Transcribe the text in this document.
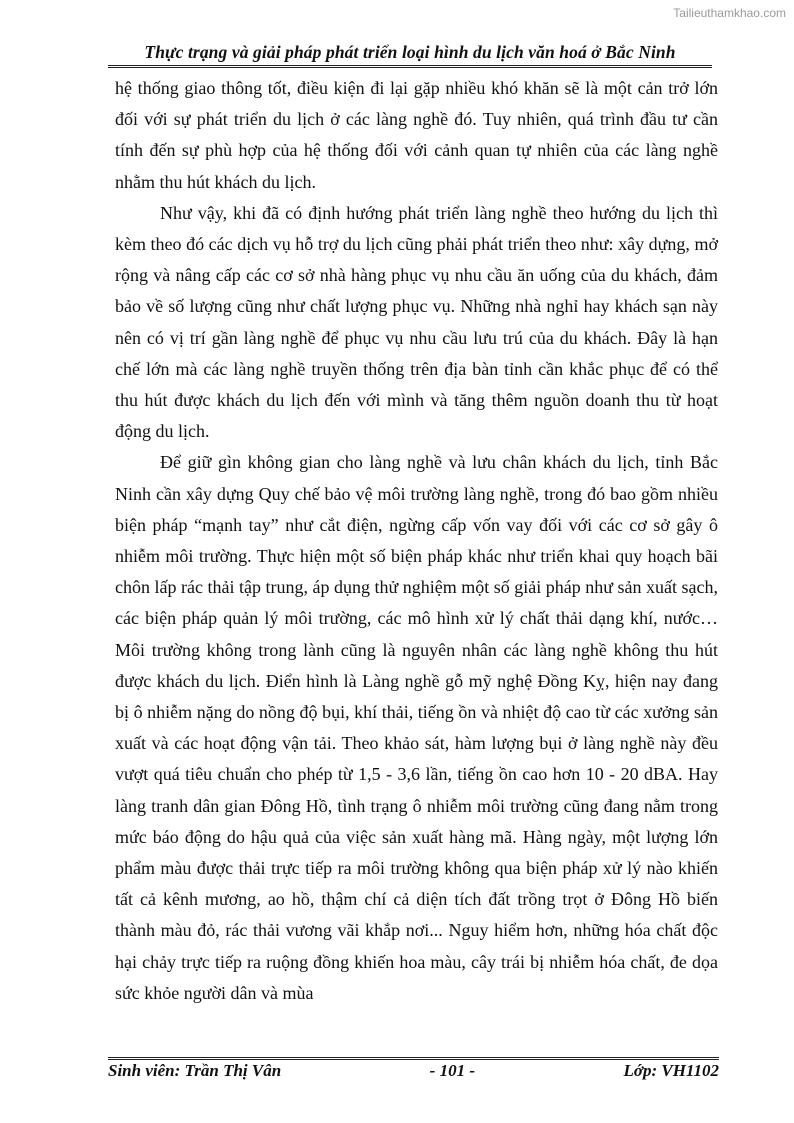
Tailieuthamkhao.com
Thực trạng và giải pháp phát triển loại hình du lịch văn hoá ở Bắc Ninh

hệ thống giao thông tốt, điều kiện đi lại gặp nhiều khó khăn sẽ là một cản trở lớn đối với sự phát triển du lịch ở các làng nghề đó. Tuy nhiên, quá trình đầu tư cần tính đến sự phù hợp của hệ thống đối với cảnh quan tự nhiên của các làng nghề nhằm thu hút khách du lịch.

Như vậy, khi đã có định hướng phát triển làng nghề theo hướng du lịch thì kèm theo đó các dịch vụ hỗ trợ du lịch cũng phải phát triển theo như: xây dựng, mở rộng và nâng cấp các cơ sở nhà hàng phục vụ nhu cầu ăn uống của du khách, đảm bảo về số lượng cũng như chất lượng phục vụ. Những nhà nghỉ hay khách sạn này nên có vị trí gần làng nghề để phục vụ nhu cầu lưu trú của du khách. Đây là hạn chế lớn mà các làng nghề truyền thống trên địa bàn tỉnh cần khắc phục để có thể thu hút được khách du lịch đến với mình và tăng thêm nguồn doanh thu từ hoạt động du lịch.

Để giữ gìn không gian cho làng nghề và lưu chân khách du lịch, tỉnh Bắc Ninh cần xây dựng Quy chế bảo vệ môi trường làng nghề, trong đó bao gồm nhiều biện pháp “mạnh tay” như cắt điện, ngừng cấp vốn vay đối với các cơ sở gây ô nhiễm môi trường. Thực hiện một số biện pháp khác như triển khai quy hoạch bãi chôn lấp rác thải tập trung, áp dụng thử nghiệm một số giải pháp như sản xuất sạch, các biện pháp quản lý môi trường, các mô hình xử lý chất thải dạng khí, nước…Môi trường không trong lành cũng là nguyên nhân các làng nghề không thu hút được khách du lịch. Điển hình là Làng nghề gỗ mỹ nghệ Đồng Kỵ, hiện nay đang bị ô nhiễm nặng do nồng độ bụi, khí thải, tiếng ồn và nhiệt độ cao từ các xưởng sản xuất và các hoạt động vận tải. Theo khảo sát, hàm lượng bụi ở làng nghề này đều vượt quá tiêu chuẩn cho phép từ 1,5 - 3,6 lần, tiếng ồn cao hơn 10 - 20 dBA. Hay làng tranh dân gian Đông Hồ, tình trạng ô nhiễm môi trường cũng đang nằm trong mức báo động do hậu quả của việc sản xuất hàng mã. Hàng ngày, một lượng lớn phẩm màu được thải trực tiếp ra môi trường không qua biện pháp xử lý nào khiến tất cả kênh mương, ao hồ, thậm chí cả diện tích đất trồng trọt ở Đông Hồ biến thành màu đỏ, rác thải vương vãi khắp nơi... Nguy hiểm hơn, những hóa chất độc hại chảy trực tiếp ra ruộng đồng khiến hoa màu, cây trái bị nhiễm hóa chất, đe dọa sức khỏe người dân và mùa

Sinh viên: Trần Thị Vân	- 101 -	Lớp: VH1102
